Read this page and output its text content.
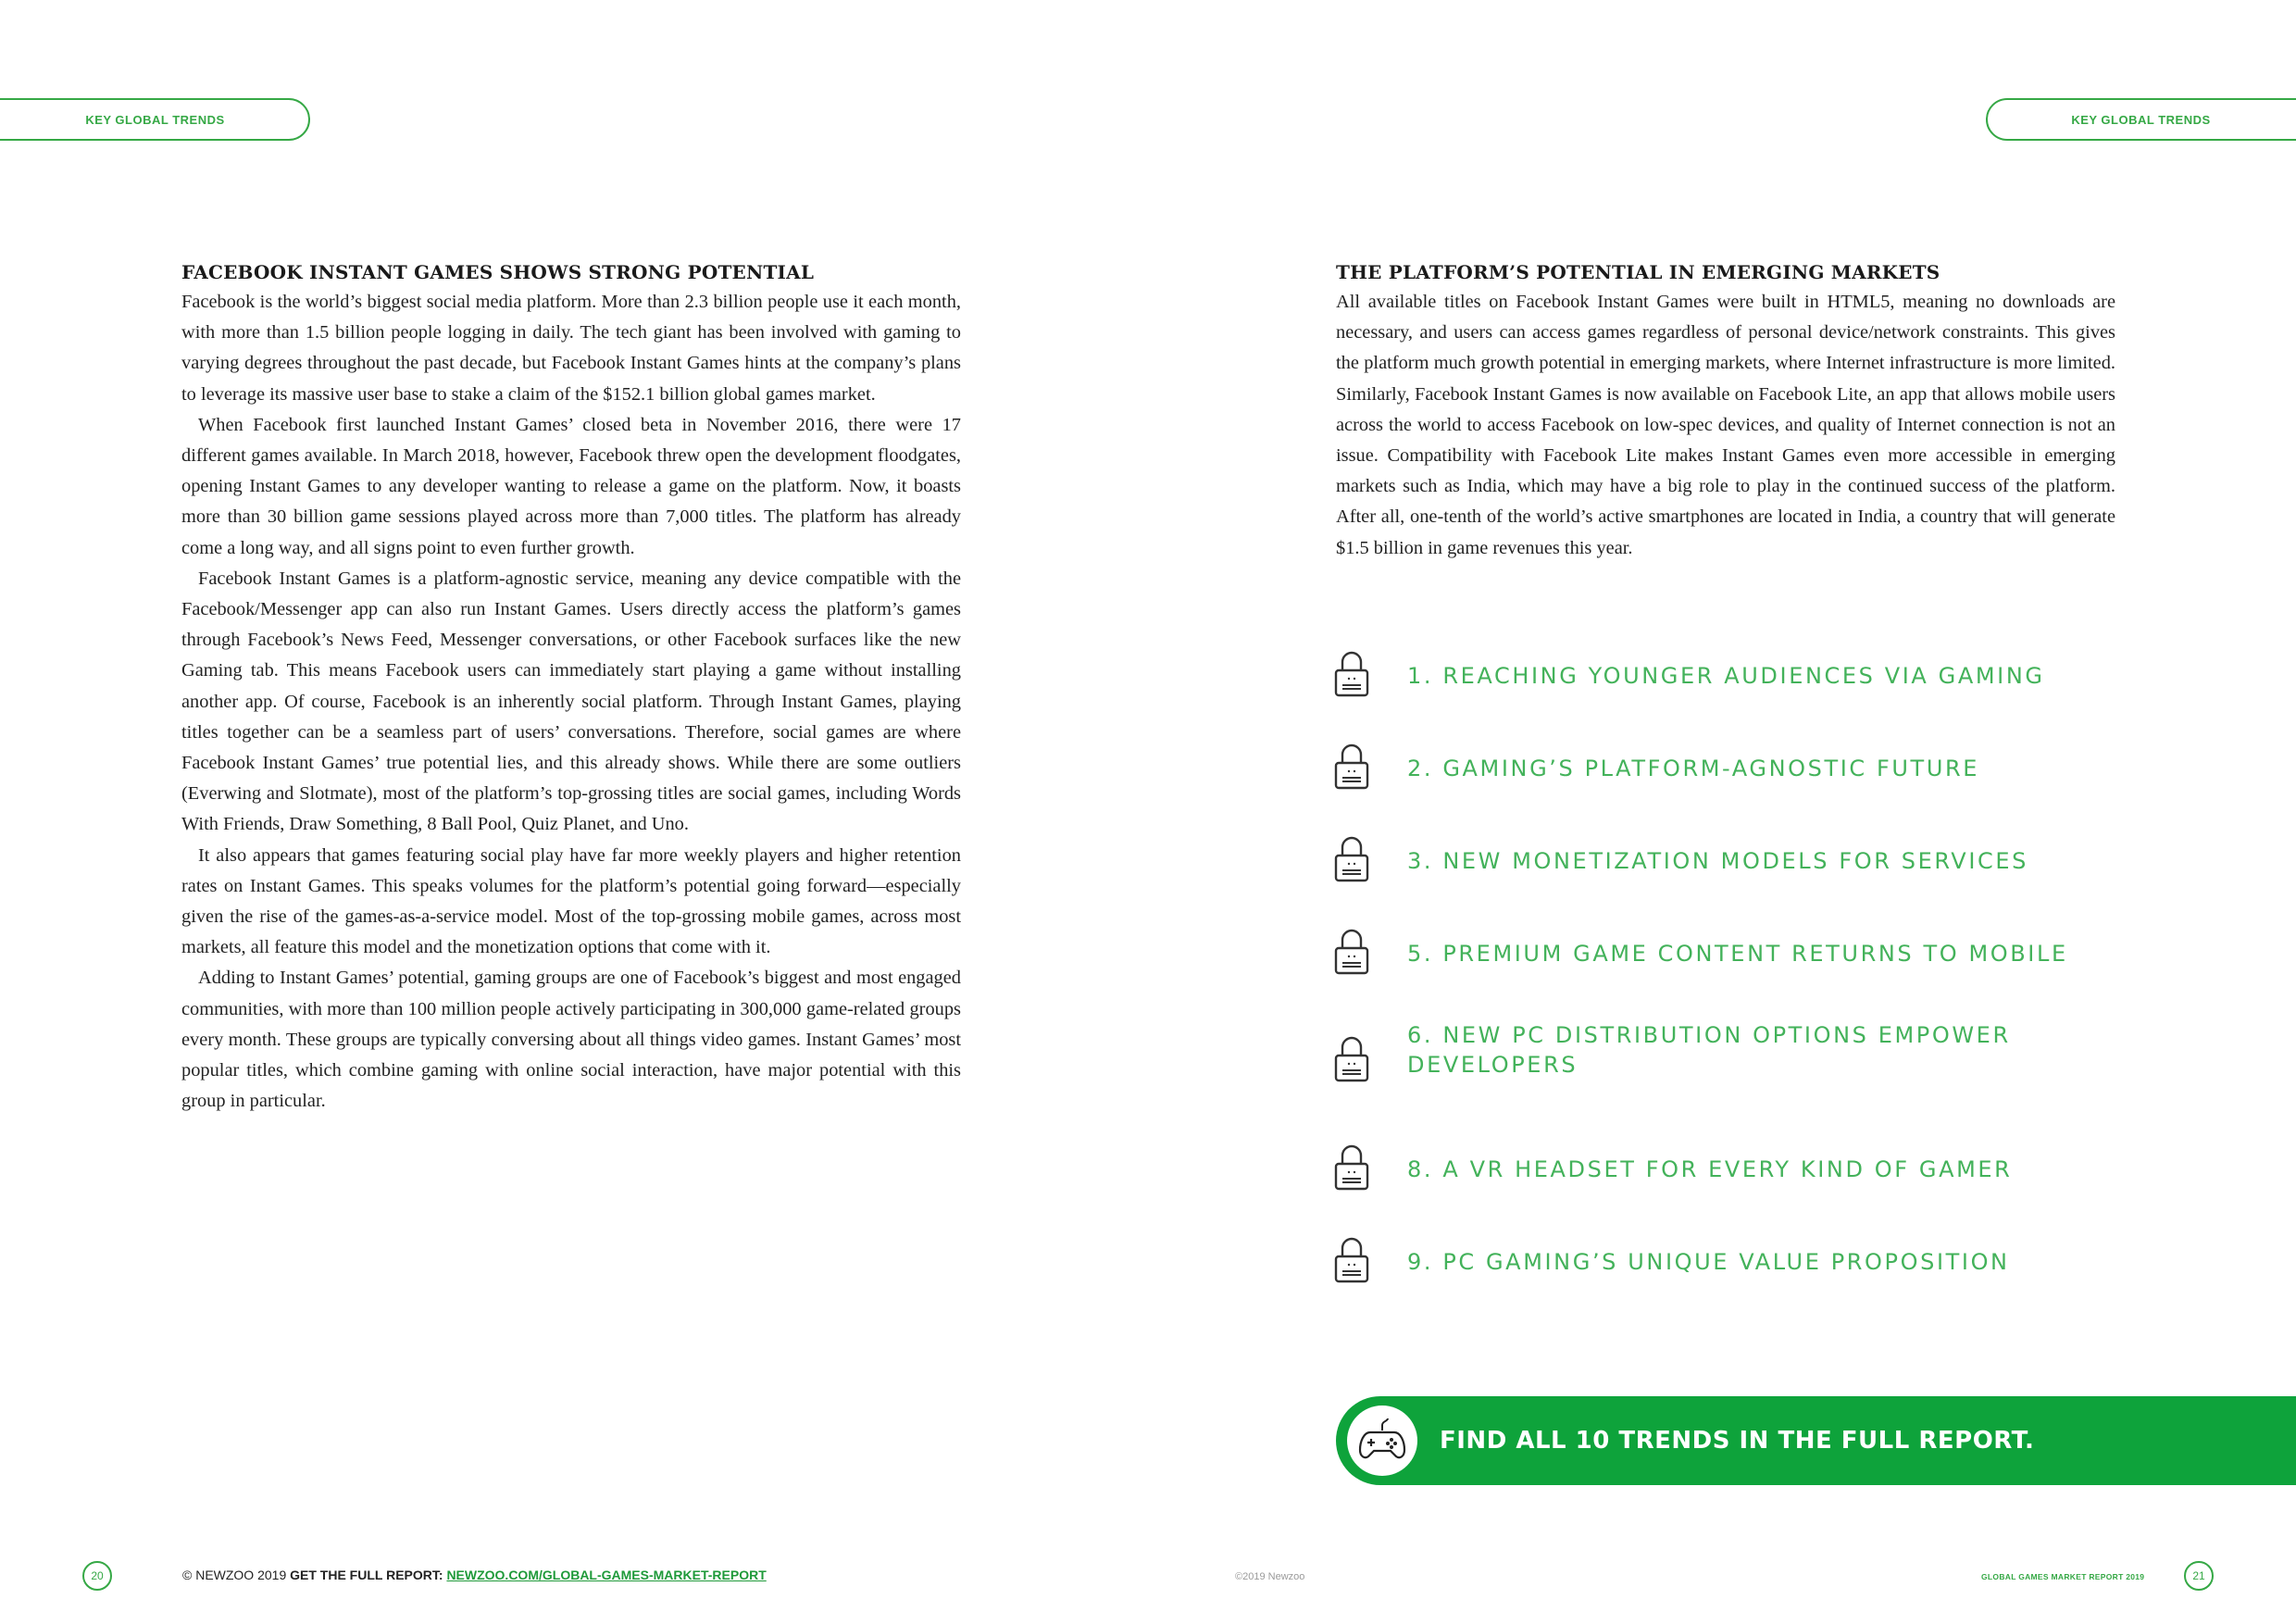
KEY GLOBAL TRENDS	KEY GLOBAL TRENDS
FACEBOOK INSTANT GAMES SHOWS STRONG POTENTIAL

Facebook is the world’s biggest social media platform. More than 2.3 billion people use it each month, with more than 1.5 billion people logging in daily. The tech giant has been involved with gaming to varying degrees throughout the past decade, but Facebook Instant Games hints at the company’s plans to leverage its massive user base to stake a claim of the $152.1 billion global games market.

When Facebook first launched Instant Games’ closed beta in November 2016, there were 17 different games available. In March 2018, however, Facebook threw open the development floodgates, opening Instant Games to any developer wanting to release a game on the platform. Now, it boasts more than 30 billion game sessions played across more than 7,000 titles. The platform has already come a long way, and all signs point to even further growth.

Facebook Instant Games is a platform-agnostic service, meaning any device compatible with the Facebook/Messenger app can also run Instant Games. Users directly access the platform’s games through Facebook’s News Feed, Messenger conversations, or other Facebook surfaces like the new Gaming tab. This means Facebook users can immediately start playing a game without installing another app. Of course, Facebook is an inherently social platform. Through Instant Games, playing titles together can be a seamless part of users’ conversations. Therefore, social games are where Facebook Instant Games’ true potential lies, and this already shows. While there are some outliers (Everwing and Slotmate), most of the platform’s top-grossing titles are social games, including Words With Friends, Draw Something, 8 Ball Pool, Quiz Planet, and Uno.

It also appears that games featuring social play have far more weekly players and higher retention rates on Instant Games. This speaks volumes for the platform’s potential going forward—especially given the rise of the games-as-a-service model. Most of the top-grossing mobile games, across most markets, all feature this model and the monetization options that come with it.

Adding to Instant Games’ potential, gaming groups are one of Facebook’s biggest and most engaged communities, with more than 100 million people actively participating in 300,000 game-related groups every month. These groups are typically conversing about all things video games. Instant Games’ most popular titles, which combine gaming with online social interaction, have major potential with this group in particular.

THE PLATFORM’S POTENTIAL IN EMERGING MARKETS

All available titles on Facebook Instant Games were built in HTML5, meaning no downloads are necessary, and users can access games regardless of personal device/network constraints. This gives the platform much growth potential in emerging markets, where Internet infrastructure is more limited. Similarly, Facebook Instant Games is now available on Facebook Lite, an app that allows mobile users across the world to access Facebook on low-spec devices, and quality of Internet connection is not an issue. Compatibility with Facebook Lite makes Instant Games even more accessible in emerging markets such as India, which may have a big role to play in the continued success of the platform. After all, one-tenth of the world’s active smartphones are located in India, a country that will generate $1.5 billion in game revenues this year.

1. REACHING YOUNGER AUDIENCES VIA GAMING
2. GAMING’S PLATFORM-AGNOSTIC FUTURE
3. NEW MONETIZATION MODELS FOR SERVICES
5. PREMIUM GAME CONTENT RETURNS TO MOBILE
6. NEW PC DISTRIBUTION OPTIONS EMPOWER DEVELOPERS
8. A VR HEADSET FOR EVERY KIND OF GAMER
9. PC GAMING’S UNIQUE VALUE PROPOSITION
FIND ALL 10 TRENDS IN THE FULL REPORT.
20	© NEWZOO 2019 GET THE FULL REPORT: NEWZOO.COM/GLOBAL-GAMES-MARKET-REPORT	©2019 Newzoo	GLOBAL GAMES MARKET REPORT 2019	21
